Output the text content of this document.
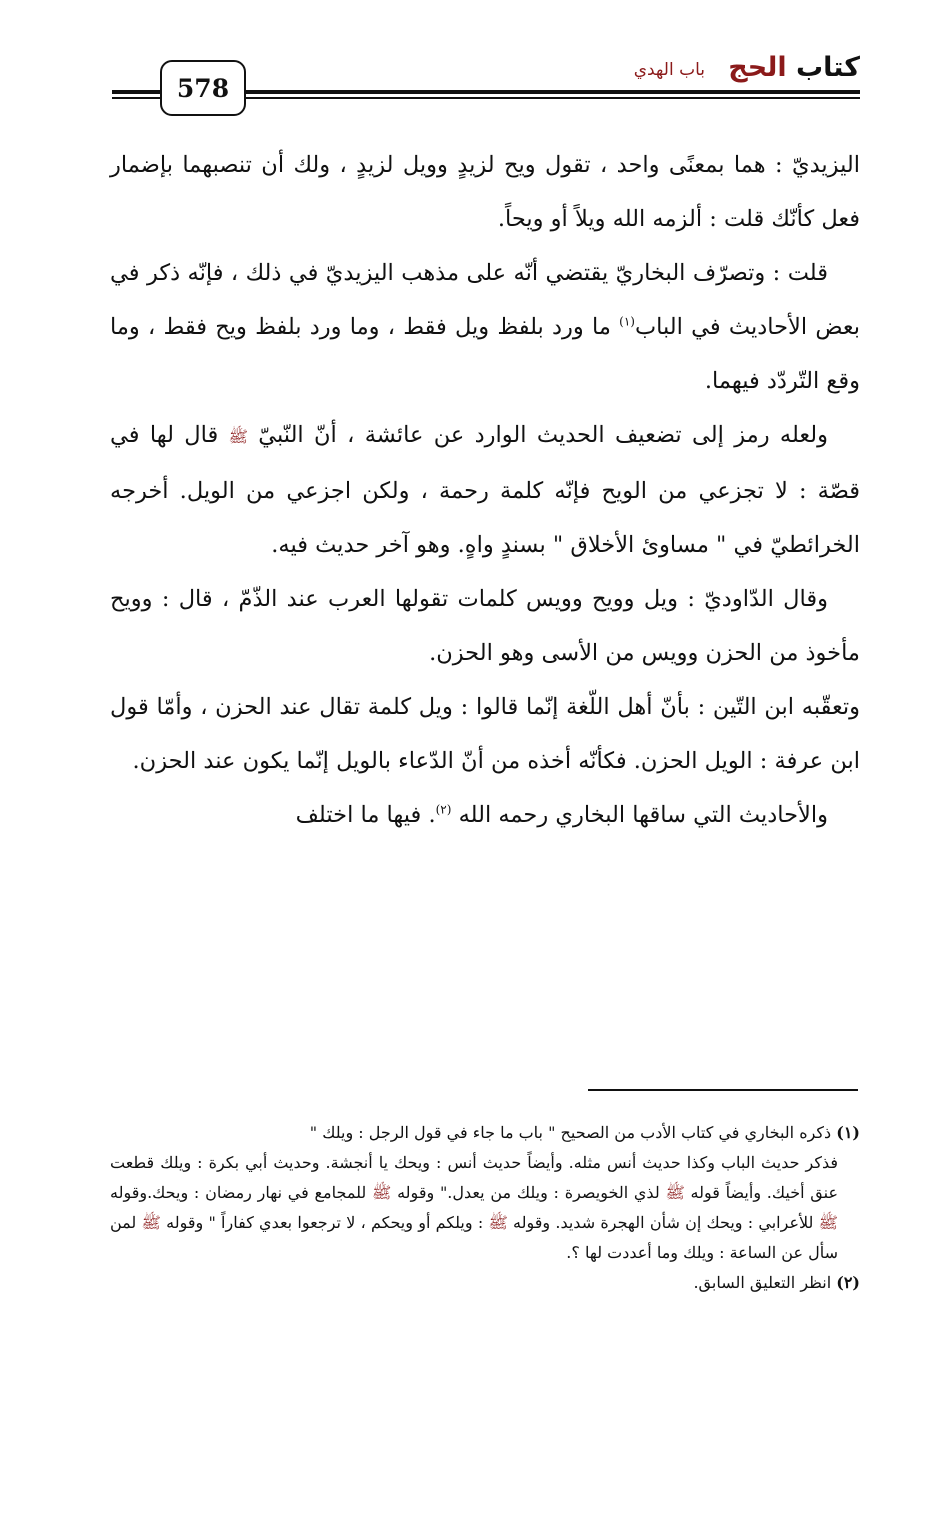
كتاب الحج
باب الهدي
578

اليزيديّ : هما بمعنًى واحد ، تقول ويح لزيدٍ وويل لزيدٍ ، ولك أن تنصبهما بإضمار فعل كأنّك قلت : ألزمه الله ويلاً أو ويحاً.

قلت : وتصرّف البخاريّ يقتضي أنّه على مذهب اليزيديّ في ذلك ، فإنّه ذكر في بعض الأحاديث في الباب$^{(١)}$ ما ورد بلفظ ويل فقط ، وما ورد بلفظ ويح فقط ، وما وقع التّردّد فيهما.

ولعله رمز إلى تضعيف الحديث الوارد عن عائشة ، أنّ النّبيّ ﷺ قال لها في قصّة : لا تجزعي من الويح فإنّه كلمة رحمة ، ولكن اجزعي من الويل. أخرجه الخرائطيّ في " مساوئ الأخلاق " بسندٍ واهٍ. وهو آخر حديث فيه.

وقال الدّاوديّ : ويل وويح وويس كلمات تقولها العرب عند الذّمّ ، قال : وويح مأخوذ من الحزن وويس من الأسى وهو الحزن.

وتعقّبه ابن التّين : بأنّ أهل اللّغة إنّما قالوا : ويل كلمة تقال عند الحزن ، وأمّا قول ابن عرفة : الويل الحزن. فكأنّه أخذه من أنّ الدّعاء بالويل إنّما يكون عند الحزن.

والأحاديث التي ساقها البخاري رحمه الله $^{(٢)}$. فيها ما اختلف

(١) ذكره البخاري في كتاب الأدب من الصحيح " باب ما جاء في قول الرجل : ويلك "

فذكر حديث الباب وكذا حديث أنس مثله. وأيضاً حديث أنس : ويحك يا أنجشة. وحديث أبي بكرة : ويلك قطعت عنق أخيك. وأيضاً قوله ﷺ لذي الخويصرة : ويلك من يعدل." وقوله ﷺ للمجامع في نهار رمضان : ويحك.وقوله ﷺ للأعرابي : ويحك إن شأن الهجرة شديد. وقوله ﷺ : ويلكم أو ويحكم ، لا ترجعوا بعدي كفاراً " وقوله ﷺ لمن سأل عن الساعة : ويلك وما أعددت لها ؟.

(٢) انظر التعليق السابق.
